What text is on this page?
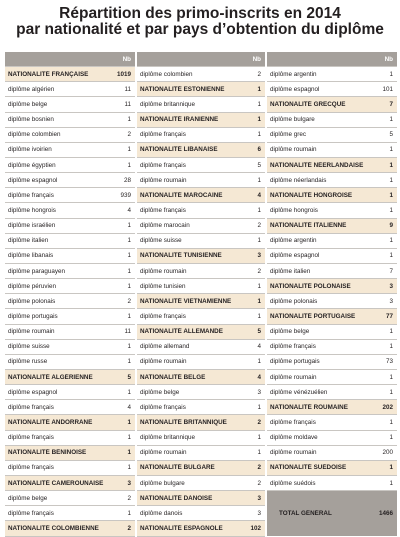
Répartition des primo-inscrits en 2014
par nationalité et par pays d’obtention du diplôme
Nb
NATIONALITÉ FRANÇAISE	1019
diplôme algérien	11
diplôme belge	11
diplôme bosnien	1
diplôme colombien	2
diplôme ivoirien	1
diplôme égyptien	1
diplôme espagnol	28
diplôme français	939
diplôme hongrois	4
diplôme israélien	1
diplôme italien	1
diplôme libanais	1
diplôme paraguayen	1
diplôme péruvien	1
diplôme polonais	2
diplôme portugais	1
diplôme roumain	11
diplôme suisse	1
diplôme russe	1
NATIONALITÉ ALGÉRIENNE	5
diplôme espagnol	1
diplôme français	4
NATIONALITÉ ANDORRANE	1
diplôme français	1
NATIONALITÉ BÉNINOISE	1
diplôme français	1
NATIONALITÉ CAMEROUNAISE	3
diplôme belge	2
diplôme français	1
NATIONALITÉ COLOMBIENNE	2
Nb
diplôme colombien	2
NATIONALITÉ ESTONIENNE	1
diplôme britannique	1
NATIONALITÉ IRANIENNE	1
diplôme français	1
NATIONALITÉ LIBANAISE	6
diplôme français	5
diplôme roumain	1
NATIONALITÉ MAROCAINE	4
diplôme français	1
diplôme marocain	2
diplôme suisse	1
NATIONALITÉ TUNISIENNE	3
diplôme roumain	2
diplôme tunisien	1
NATIONALITÉ VIETNAMIENNE	1
diplôme français	1
NATIONALITÉ ALLEMANDE	5
diplôme allemand	4
diplôme roumain	1
NATIONALITÉ BELGE	4
diplôme belge	3
diplôme français	1
NATIONALITÉ BRITANNIQUE	2
diplôme britannique	1
diplôme roumain	1
NATIONALITÉ BULGARE	2
diplôme bulgare	2
NATIONALITÉ DANOISE	3
diplôme danois	3
NATIONALITÉ ESPAGNOLE	102
Nb
diplôme argentin	1
diplôme espagnol	101
NATIONALITÉ GRECQUE	7
diplôme bulgare	1
diplôme grec	5
diplôme roumain	1
NATIONALITÉ NÉERLANDAISE	1
diplôme néerlandais	1
NATIONALITÉ HONGROISE	1
diplôme hongrois	1
NATIONALITÉ ITALIENNE	9
diplôme argentin	1
diplôme espagnol	1
diplôme italien	7
NATIONALITÉ POLONAISE	3
diplôme polonais	3
NATIONALITÉ PORTUGAISE	77
diplôme belge	1
diplôme français	1
diplôme portugais	73
diplôme roumain	1
diplôme vénézuélien	1
NATIONALITÉ ROUMAINE	202
diplôme français	1
diplôme moldave	1
diplôme roumain	200
NATIONALITÉ SUÉDOISE	1
diplôme suédois	1
TOTAL GÉNÉRAL	1466
